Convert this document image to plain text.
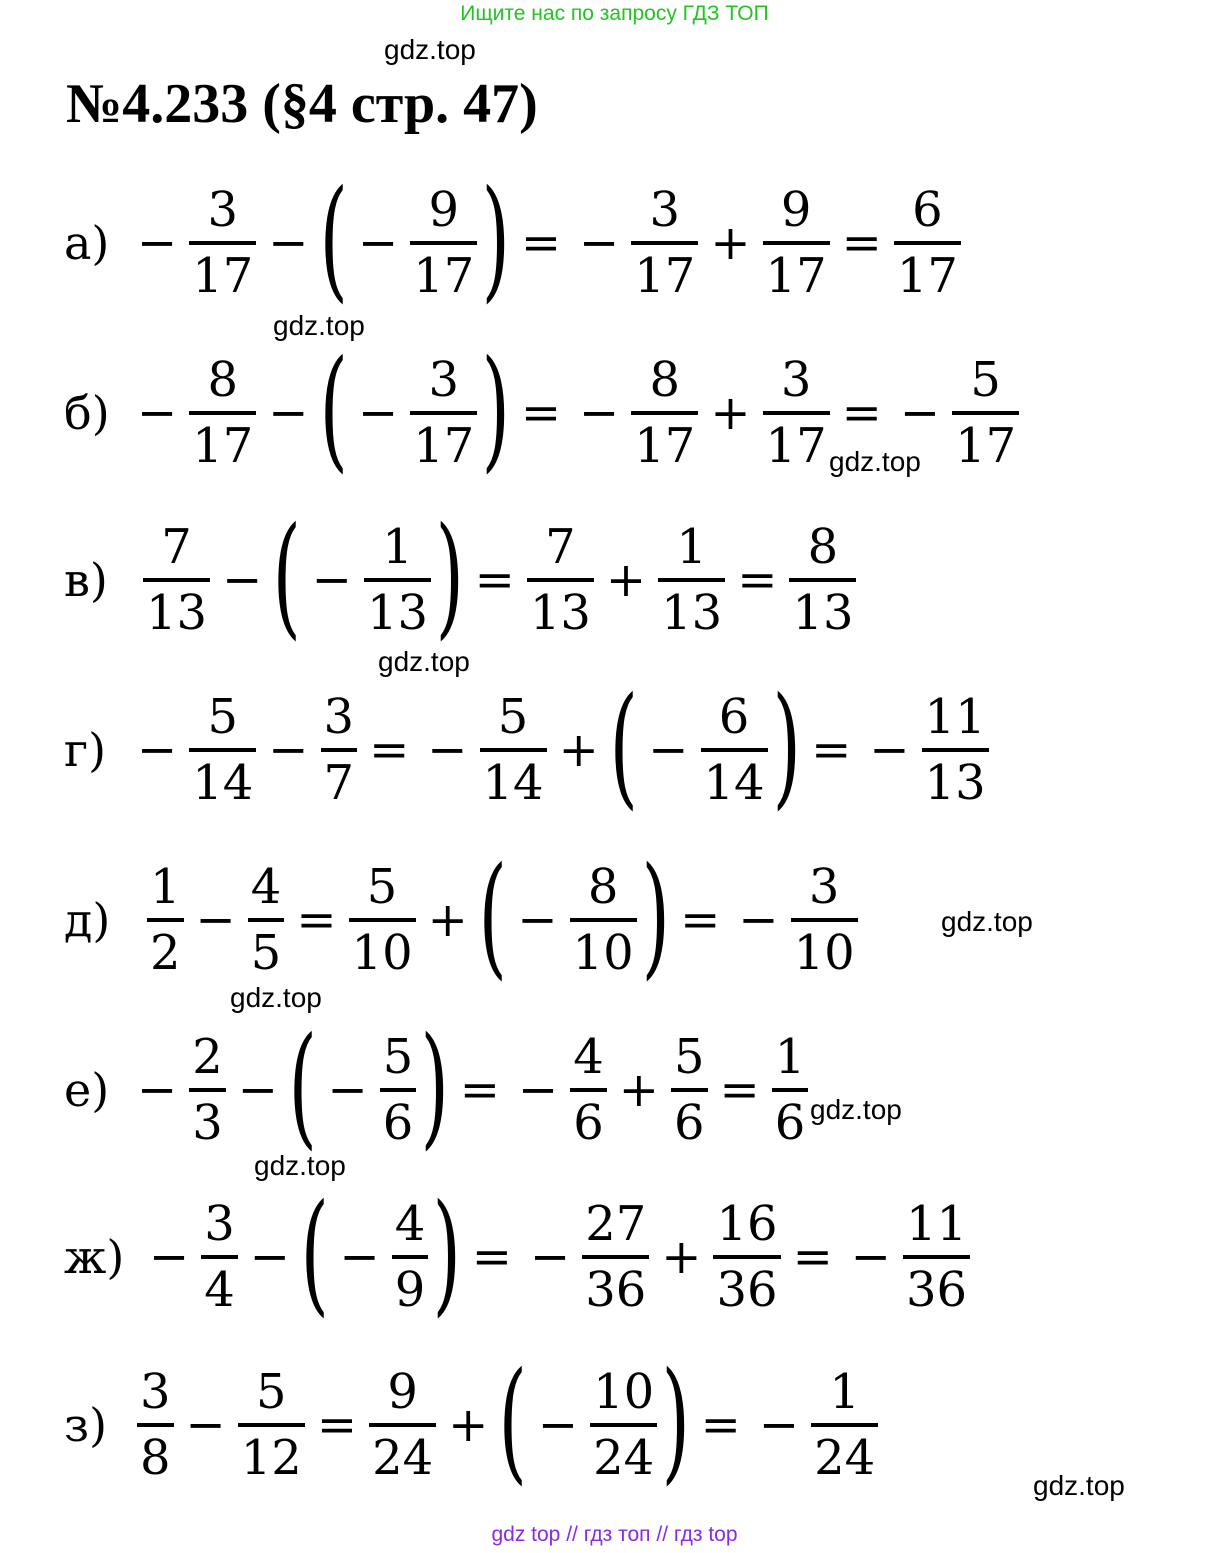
Ищите нас по запросу ГДЗ ТОП
№4.233 (§4 стр. 47)
gdz.top
gdz.top
gdz.top
gdz.top
gdz.top
gdz.top
gdz.top
gdz.top
gdz.top
$а) - \frac{3}{17}$ − ( − $\frac{9}{17}$ ) = − $\frac{3}{17} + \frac{9}{17} = \frac{6}{17}$
$б) - \frac{8}{17}$ − ( − $\frac{3}{17}$ ) = − $\frac{8}{17} + \frac{3}{17}$ = − $\frac{5}{17}$
$в) \frac{7}{13}$ − ( − $\frac{1}{13}$ ) = $\frac{7}{13} + \frac{1}{13} = \frac{8}{13}$
$г) - \frac{5}{14} - \frac{3}{7}$ = − $\frac{5}{14}$ + ( − $\frac{6}{14}$ ) = − $\frac{11}{13}$
$д) \frac{1}{2} - \frac{4}{5} = \frac{5}{10}$ + ( − $\frac{8}{10}$ ) = − $\frac{3}{10}$
$е) - \frac{2}{3}$ − ( − $\frac{5}{6}$ ) = − $\frac{4}{6} + \frac{5}{6} = \frac{1}{6}$
$ж) - \frac{3}{4}$ − ( − $\frac{4}{9}$ ) = − $\frac{27}{36} + \frac{16}{36}$ = − $\frac{11}{36}$
$з) \frac{3}{8} - \frac{5}{12} = \frac{9}{24}$ + ( − $\frac{10}{24}$ ) = − $\frac{1}{24}$
gdz top // гдз топ // гдз top
